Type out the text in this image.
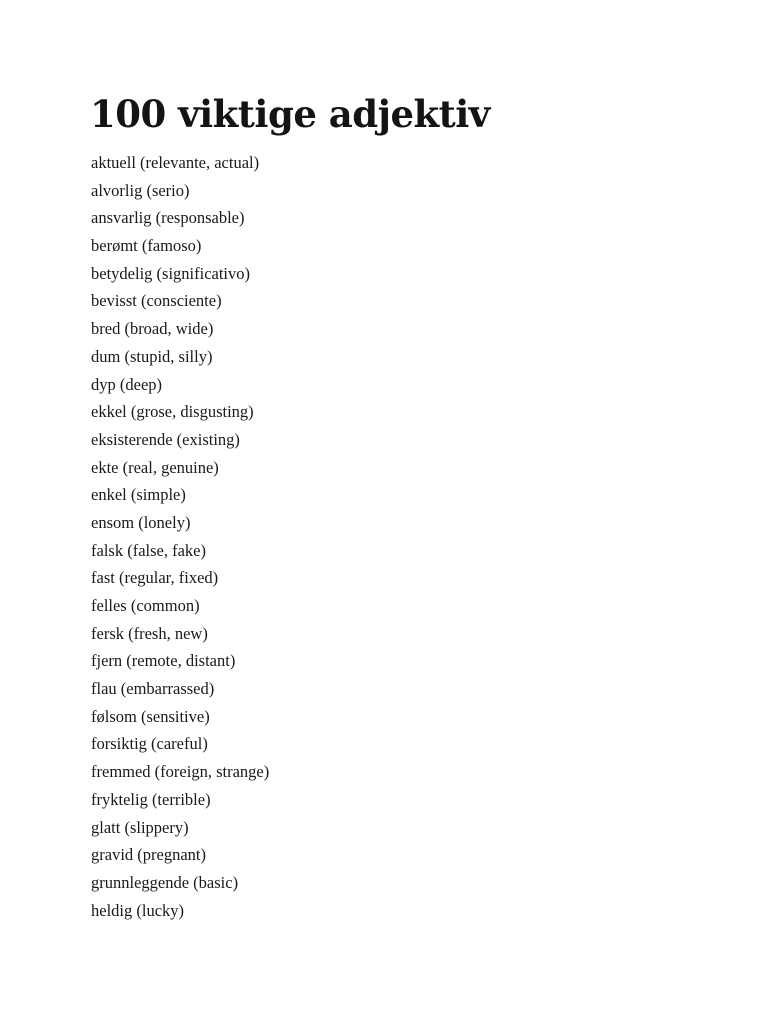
100 viktige adjektiv
aktuell (relevante, actual)
alvorlig (serio)
ansvarlig (responsable)
berømt (famoso)
betydelig (significativo)
bevisst (consciente)
bred (broad, wide)
dum (stupid, silly)
dyp (deep)
ekkel (grose, disgusting)
eksisterende (existing)
ekte (real, genuine)
enkel (simple)
ensom (lonely)
falsk (false, fake)
fast (regular, fixed)
felles (common)
fersk (fresh, new)
fjern (remote, distant)
flau (embarrassed)
følsom (sensitive)
forsiktig (careful)
fremmed (foreign, strange)
fryktelig (terrible)
glatt (slippery)
gravid (pregnant)
grunnleggende (basic)
heldig (lucky)
